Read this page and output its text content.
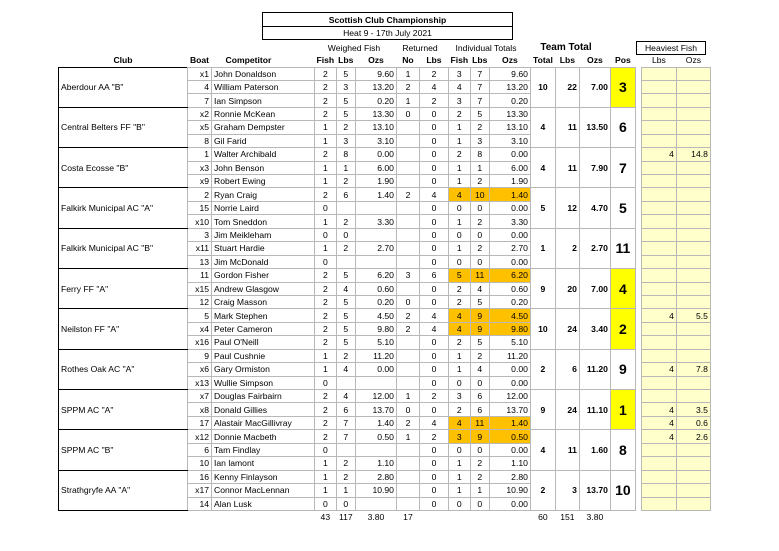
Scottish Club Championship
Heat 9 - 17th July 2021
Weighed Fish	Returned	Individual Totals	Team Total	Heaviest Fish
Club	Boat	Competitor	Fish	Lbs	Ozs	No	Lbs	Fish	Lbs	Ozs	Total	Lbs	Ozs	Pos		Lbs	Ozs
Aberdour AA "B"	x1	John Donaldson	2	5	9.60	1	2	3	7	9.60	10	22	7.00	3			
	4	William Paterson	2	3	13.20	2	4	4	7	13.20							
	7	Ian Simpson	2	5	0.20	1	2	3	7	0.20							
Central Belters FF "B"	x2	Ronnie McKean	2	5	13.30	0	0	2	5	13.30	4	11	13.50	6			
	x5	Graham Dempster	1	2	13.10		0	1	2	13.10							
	8	Gil Farid	1	3	3.10		0	1	3	3.10							
Costa Ecosse "B"	1	Walter Archibald	2	8	0.00		0	2	8	0.00	4	11	7.90	7		4	14.8
	x3	John Benson	1	1	6.00		0	1	1	6.00							
	x9	Robert Ewing	1	2	1.90		0	1	2	1.90							
Falkirk Municipal AC "A"	2	Ryan Craig	2	6	1.40	2	4	4	10	1.40	5	12	4.70	5			
	15	Norrie Laird	0				0	0	0	0.00							
	x10	Tom Sneddon	1	2	3.30		0	1	2	3.30							
Falkirk Municipal AC "B"	3	Jim Meikleham	0	0			0	0	0	0.00	1	2	2.70	11			
	x11	Stuart Hardie	1	2	2.70		0	1	2	2.70							
	13	Jim McDonald	0				0	0	0	0.00							
Ferry FF "A"	11	Gordon Fisher	2	5	6.20	3	6	5	11	6.20	9	20	7.00	4			
	x15	Andrew Glasgow	2	4	0.60		0	2	4	0.60							
	12	Craig Masson	2	5	0.20	0	0	2	5	0.20							
Neilston FF "A"	5	Mark Stephen	2	5	4.50	2	4	4	9	4.50	10	24	3.40	2		4	5.5
	x4	Peter Cameron	2	5	9.80	2	4	4	9	9.80							
	x16	Paul O'Neill	2	5	5.10		0	2	5	5.10							
Rothes Oak AC "A"	9	Paul Cushnie	1	2	11.20		0	1	2	11.20	2	6	11.20	9			
	x6	Gary Ormiston	1	4	0.00		0	1	4	0.00						4	7.8
	x13	Wullie Simpson	0				0	0	0	0.00							
SPPM AC "A"	x7	Douglas Fairbairn	2	4	12.00	1	2	3	6	12.00	9	24	11.10	1			
	x8	Donald Gillies	2	6	13.70	0	0	2	6	13.70						4	3.5
	17	Alastair MacGillivray	2	7	1.40	2	4	4	11	1.40						4	0.6
SPPM AC "B"	x12	Donnie Macbeth	2	7	0.50	1	2	3	9	0.50	4	11	1.60	8		4	2.6
	6	Tam Findlay	0				0	0	0	0.00							
	10	Ian lamont	1	2	1.10		0	1	2	1.10							
Strathgryfe AA "A"	16	Kenny Finlayson	1	2	2.80		0	1	2	2.80	2	3	13.70	10			
	x17	Connor MacLennan	1	1	10.90		0	1	1	10.90							
	14	Alan Lusk	0	0			0	0	0	0.00							
			43	117	3.80	17					60	151	3.80				
